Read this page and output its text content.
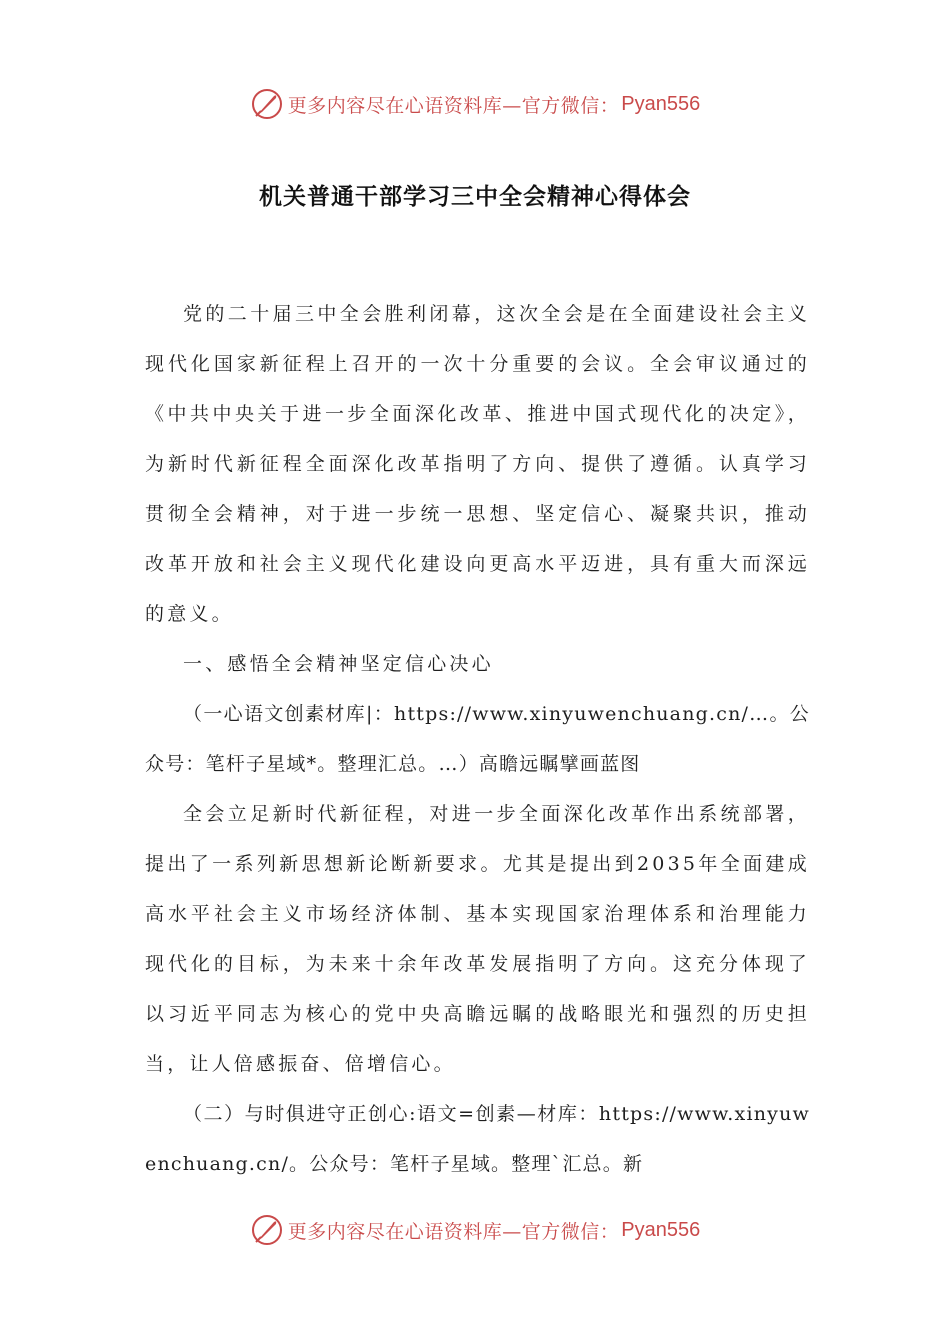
更多内容尽在心语资料库—官方微信： Pyan556
机关普通干部学习三中全会精神心得体会

党的二十届三中全会胜利闭幕，这次全会是在全面建设社会主义现代化国家新征程上召开的一次十分重要的会议。全会审议通过的《中共中央关于进一步全面深化改革、推进中国式现代化的决定》，为新时代新征程全面深化改革指明了方向、提供了遵循。认真学习贯彻全会精神，对于进一步统一思想、坚定信心、凝聚共识，推动改革开放和社会主义现代化建设向更高水平迈进，具有重大而深远的意义。

一、感悟全会精神坚定信心决心

（一心语文创素材库|：https://www.xinyuwenchuang.cn/…。公众号：笔杆子星域*。整理汇总。…）高瞻远瞩擘画蓝图

全会立足新时代新征程，对进一步全面深化改革作出系统部署，提出了一系列新思想新论断新要求。尤其是提出到2035年全面建成高水平社会主义市场经济体制、基本实现国家治理体系和治理能力现代化的目标，为未来十余年改革发展指明了方向。这充分体现了以习近平同志为核心的党中央高瞻远瞩的战略眼光和强烈的历史担当，让人倍感振奋、倍增信心。

（二）与时俱进守正创心:语文=创素—材库：https://www.xinyuwenchuang.cn/。公众号：笔杆子星域。整理`汇总。新

更多内容尽在心语资料库—官方微信： Pyan556
